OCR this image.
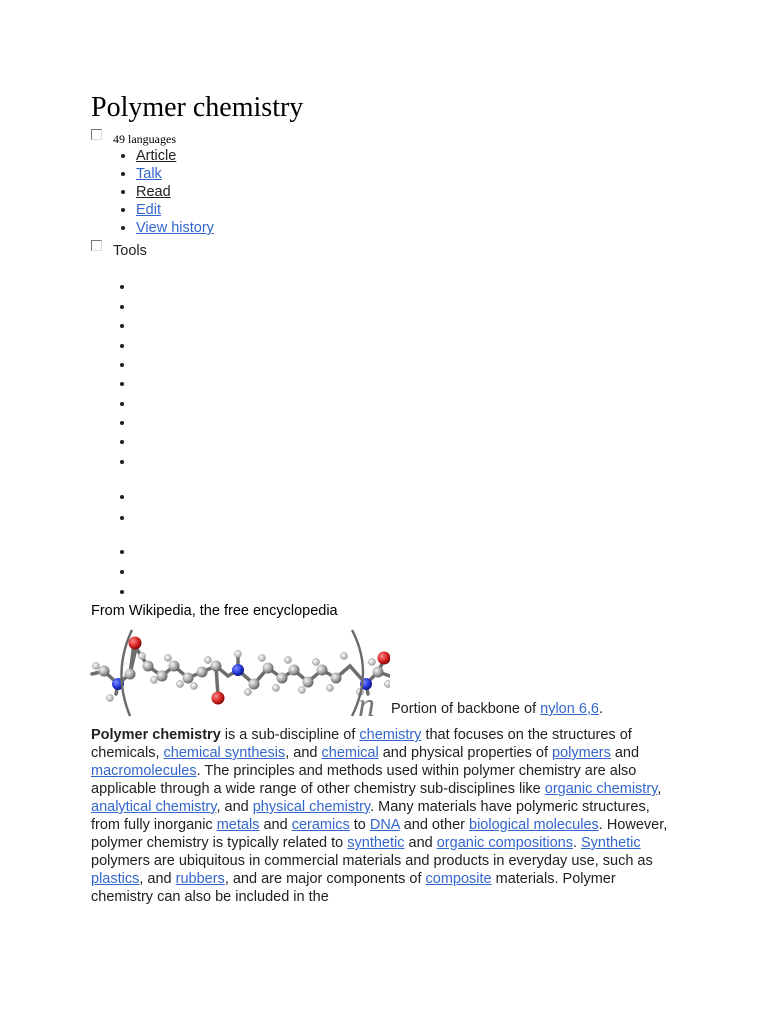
Polymer chemistry
49 languages
• Article
• Talk
• Read
• Edit
• View history
Tools
From Wikipedia, the free encyclopedia
n Portion of backbone of nylon 6,6.

Polymer chemistry is a sub-discipline of chemistry that focuses on the structures of chemicals, chemical synthesis, and chemical and physical properties of polymers and macromolecules. The principles and methods used within polymer chemistry are also applicable through a wide range of other chemistry sub-disciplines like organic chemistry, analytical chemistry, and physical chemistry. Many materials have polymeric structures, from fully inorganic metals and ceramics to DNA and other biological molecules. However, polymer chemistry is typically related to synthetic and organic compositions. Synthetic polymers are ubiquitous in commercial materials and products in everyday use, such as plastics, and rubbers, and are major components of composite materials. Polymer chemistry can also be included in the
